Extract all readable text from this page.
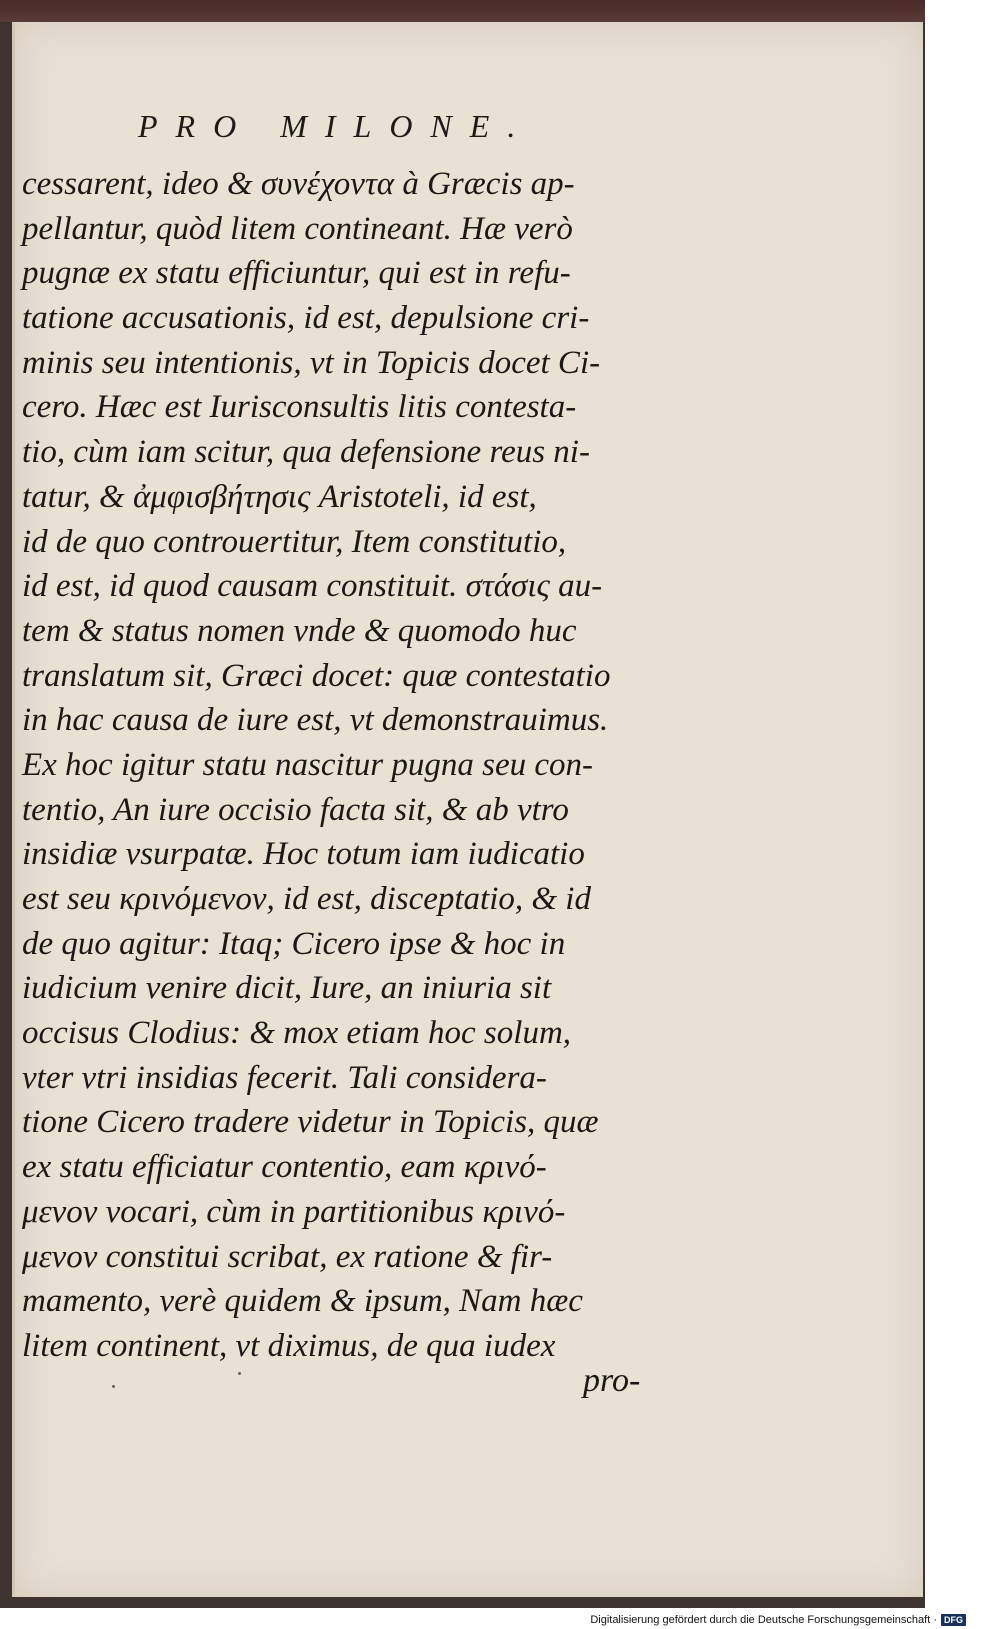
PRO MILONE.
cessarent, ideo & συνέχοντα à Græcis ap-
pellantur, quòd litem contineant. Hæ verò
pugnæ ex statu efficiuntur, qui est in refu-
tatione accusationis, id est, depulsione cri-
minis seu intentionis, vt in Topicis docet Ci-
cero. Hæc est Iurisconsultis litis contesta-
tio, cùm iam scitur, qua defensione reus ni-
tatur, & ἀμφισβήτησις Aristoteli, id est,
id de quo controuertitur, Item constitutio,
id est, id quod causam constituit. στάσις au-
tem & status nomen vnde & quomodo huc
translatum sit, Græci docet: quæ contestatio
in hac causa de iure est, vt demonstrauimus.
Ex hoc igitur statu nascitur pugna seu con-
tentio, An iure occisio facta sit, & ab vtro
insidiæ vsurpatæ. Hoc totum iam iudicatio
est seu κρινόμενον, id est, disceptatio, & id
de quo agitur: Itaq; Cicero ipse & hoc in
iudicium venire dicit, Iure, an iniuria sit
occisus Clodius: & mox etiam hoc solum,
vter vtri insidias fecerit. Tali considera-
tione Cicero tradere videtur in Topicis, quæ
ex statu efficiatur contentio, eam κρινό-
μενον vocari, cùm in partitionibus κρινό-
μενον constitui scribat, ex ratione & fir-
mamento, verè quidem & ipsum, Nam hæc
litem continent, vt diximus, de qua iudex
pro-
Digitalisierung gefördert durch die Deutsche Forschungsgemeinschaft · DFG
